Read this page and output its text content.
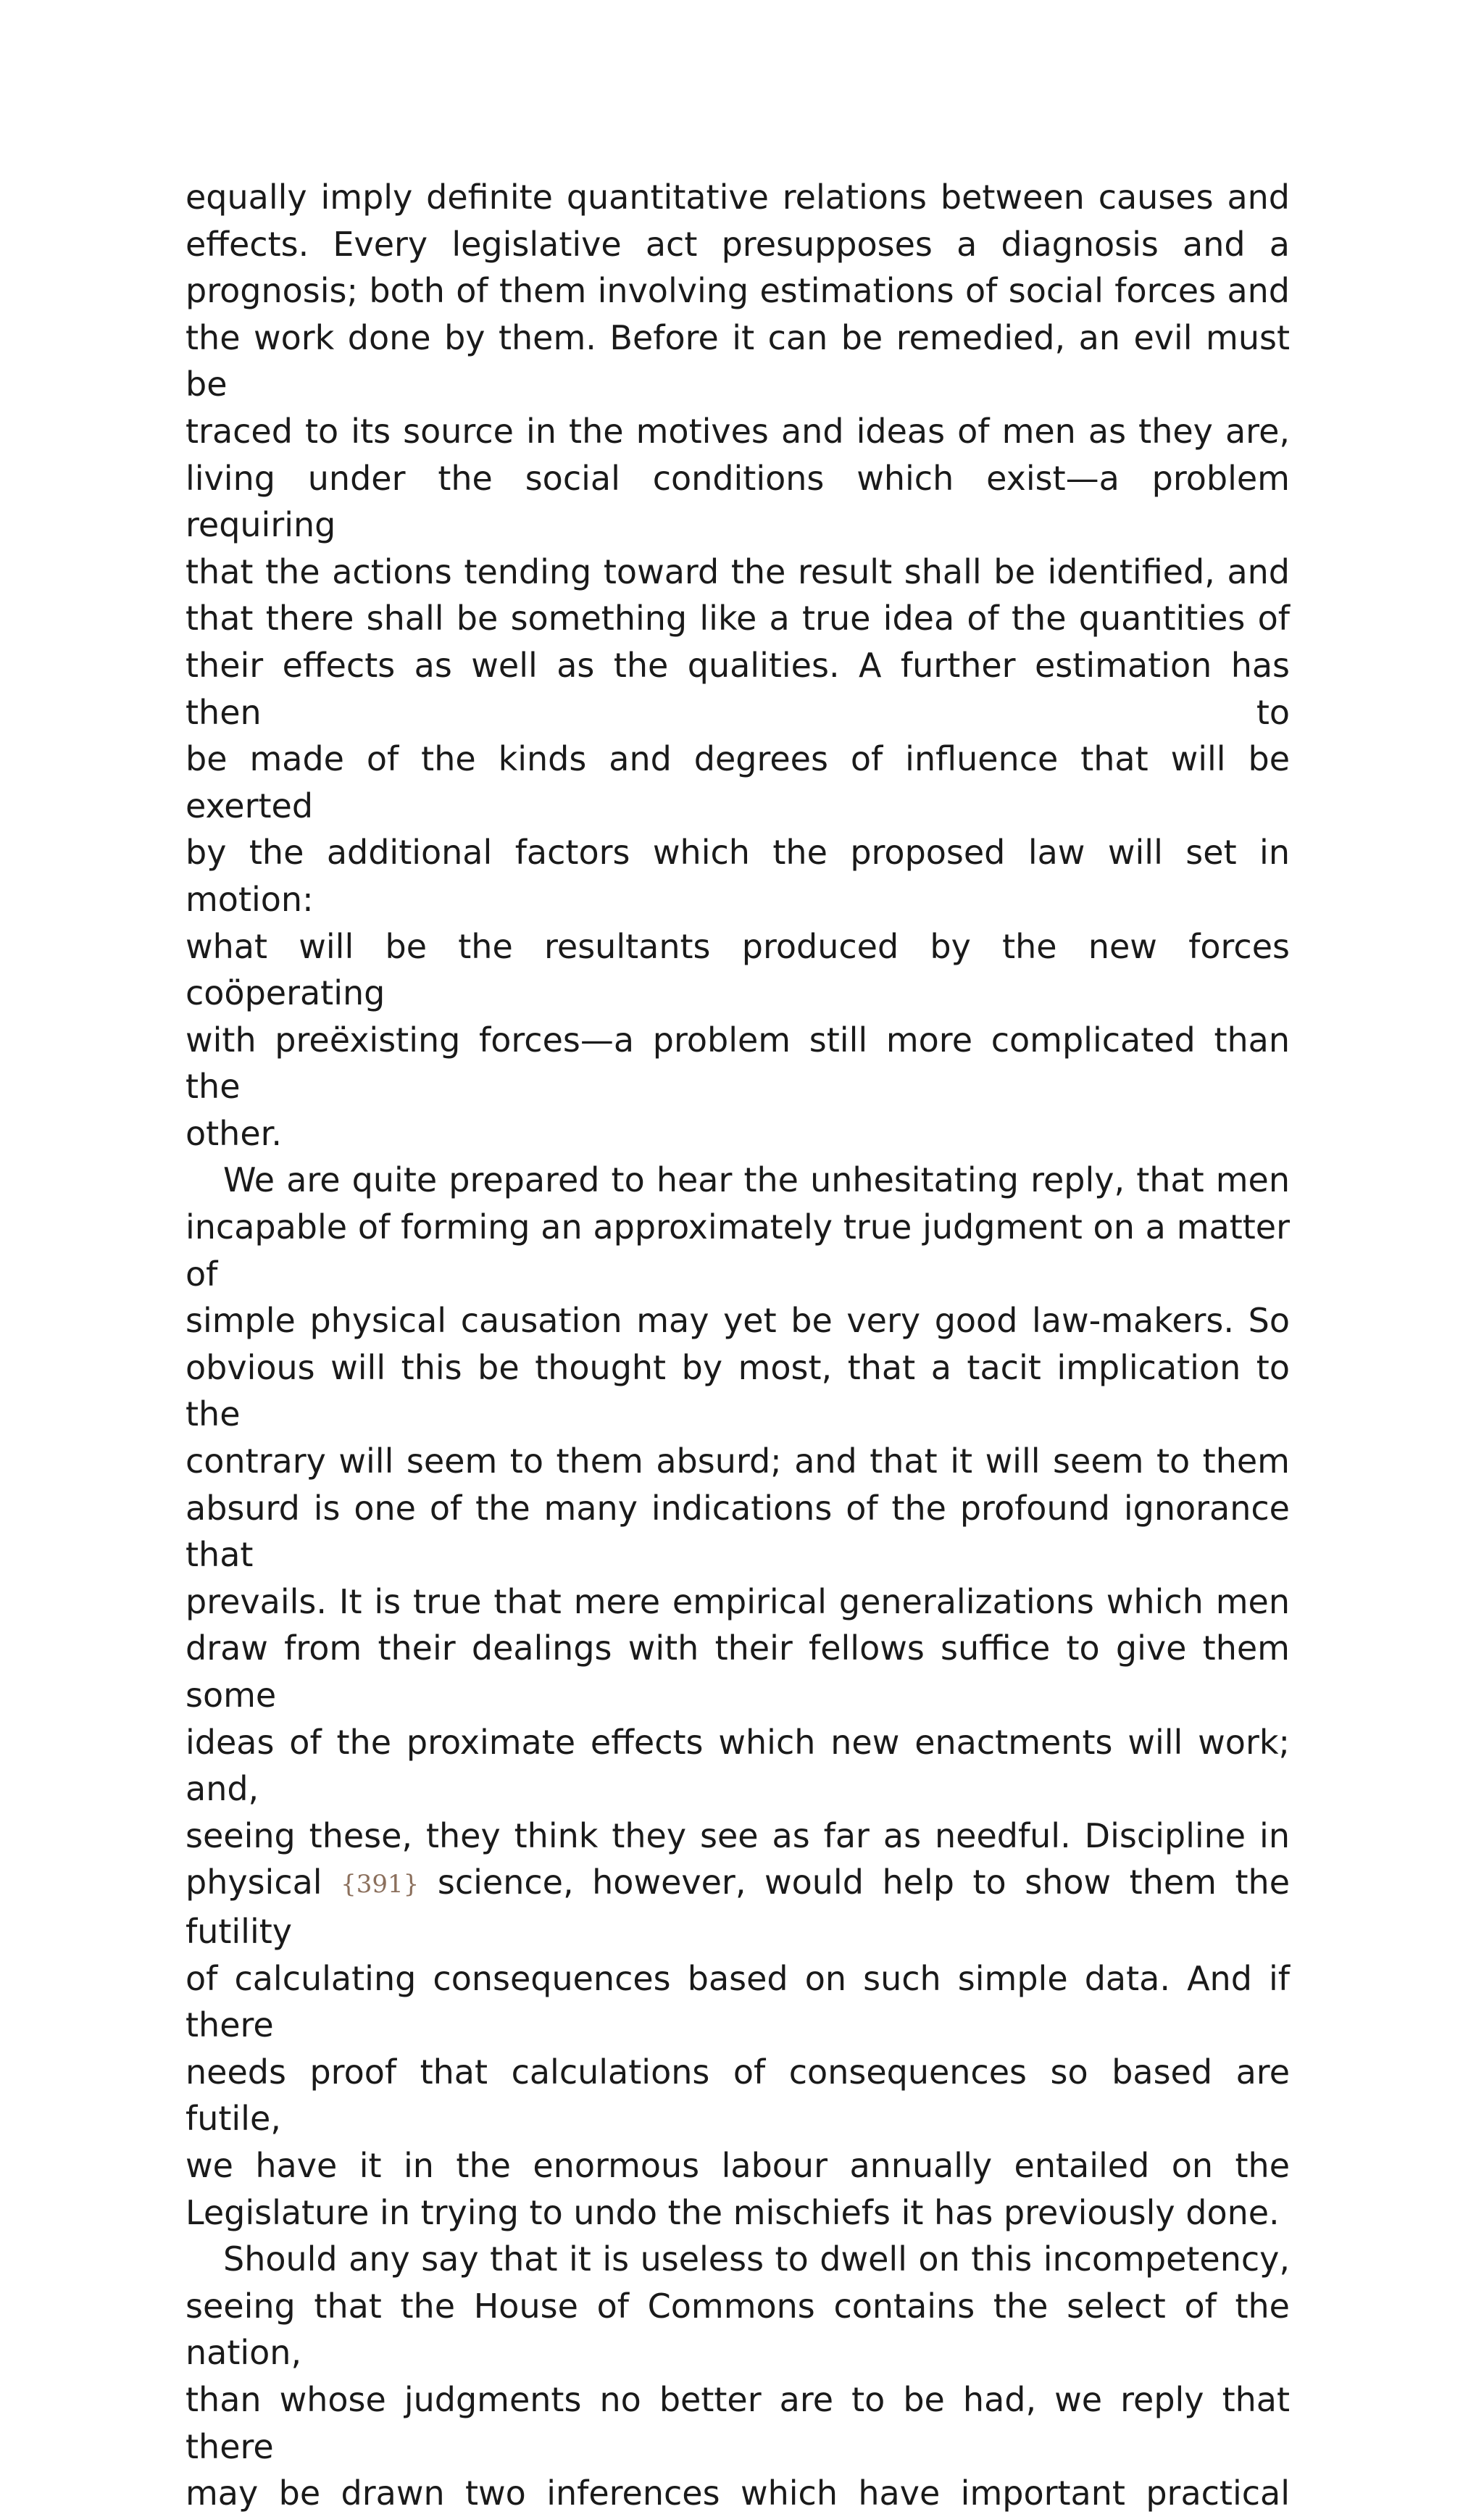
equally imply definite quantitative relations between causes and
effects. Every legislative act presupposes a diagnosis and a
prognosis; both of them involving estimations of social forces and
the work done by them. Before it can be remedied, an evil must be
traced to its source in the motives and ideas of men as they are,
living under the social conditions which exist—a problem requiring
that the actions tending toward the result shall be identified, and
that there shall be something like a true idea of the quantities of
their effects as well as the qualities. A further estimation has then to
be made of the kinds and degrees of influence that will be exerted
by the additional factors which the proposed law will set in motion:
what will be the resultants produced by the new forces coöperating
with preëxisting forces—a problem still more complicated than the
other.

We are quite prepared to hear the unhesitating reply, that men
incapable of forming an approximately true judgment on a matter of
simple physical causation may yet be very good law-makers. So
obvious will this be thought by most, that a tacit implication to the
contrary will seem to them absurd; and that it will seem to them
absurd is one of the many indications of the profound ignorance that
prevails. It is true that mere empirical generalizations which men
draw from their dealings with their fellows suffice to give them some
ideas of the proximate effects which new enactments will work; and,
seeing these, they think they see as far as needful. Discipline in
physical {391} science, however, would help to show them the futility
of calculating consequences based on such simple data. And if there
needs proof that calculations of consequences so based are futile,
we have it in the enormous labour annually entailed on the
Legislature in trying to undo the mischiefs it has previously done.

Should any say that it is useless to dwell on this incompetency,
seeing that the House of Commons contains the select of the nation,
than whose judgments no better are to be had, we reply that there
may be drawn two inferences which have important practical
